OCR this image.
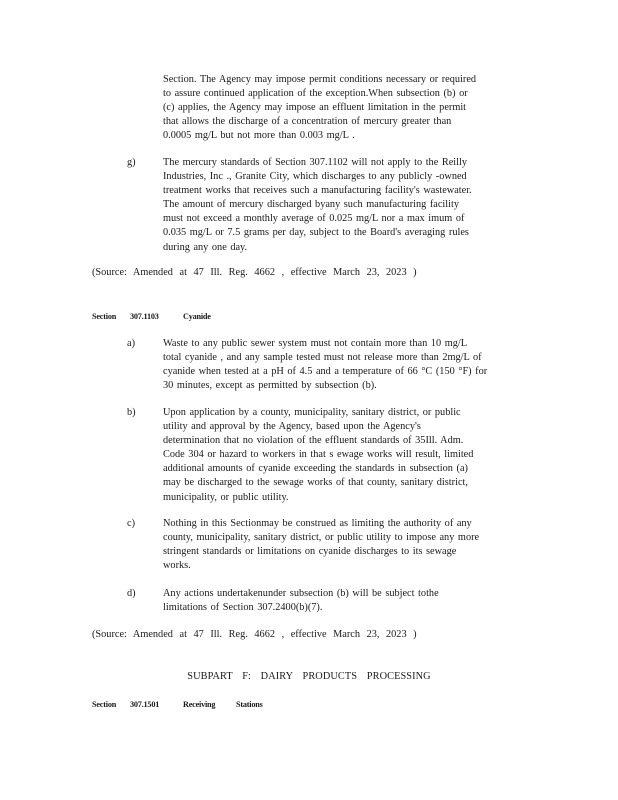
Section. The Agency may impose permit conditions necessary or required
to assure continued application of the exception.When subsection (b) or
(c) applies, the Agency may impose an effluent limitation in the permit
that allows the discharge of a concentration of mercury greater than
0.0005 mg/L but not more than 0.003 mg/L .
g)	The mercury standards of Section 307.1102 will not apply to the Reilly
Industries, Inc ., Granite City, which discharges to any publicly -owned
treatment works that receives such a manufacturing facility's wastewater.
The amount of mercury discharged byany such manufacturing facility
must not exceed a monthly average of 0.025 mg/L nor a max imum of
0.035 mg/L or 7.5 grams per day, subject to the Board's averaging rules
during any one day.
(Source: Amended at 47 Ill. Reg. 4662 , effective March 23, 2023 )
Section 307.1103	Cyanide
a)	Waste to any public sewer system must not contain more than 10 mg/L
total cyanide , and any sample tested must not release more than 2mg/L of
cyanide when tested at a pH of 4.5 and a temperature of 66 °C (150 °F) for
30 minutes, except as permitted by subsection (b).
b)	Upon application by a county, municipality, sanitary district, or public
utility and approval by the Agency, based upon the Agency's
determination that no violation of the effluent standards of 35Ill. Adm.
Code 304 or hazard to workers in that s ewage works will result, limited
additional amounts of cyanide exceeding the standards in subsection (a)
may be discharged to the sewage works of that county, sanitary district,
municipality, or public utility.
c)	Nothing in this Sectionmay be construed as limiting the authority of any
county, municipality, sanitary district, or public utility to impose any more
stringent standards or limitations on cyanide discharges to its sewage
works.
d)	Any actions undertakenunder subsection (b) will be subject tothe
limitations of Section 307.2400(b)(7).
(Source: Amended at 47 Ill. Reg. 4662 , effective March 23, 2023 )
SUBPART F: DAIRY PRODUCTS PROCESSING
Section 307.1501	Receiving	Stations
